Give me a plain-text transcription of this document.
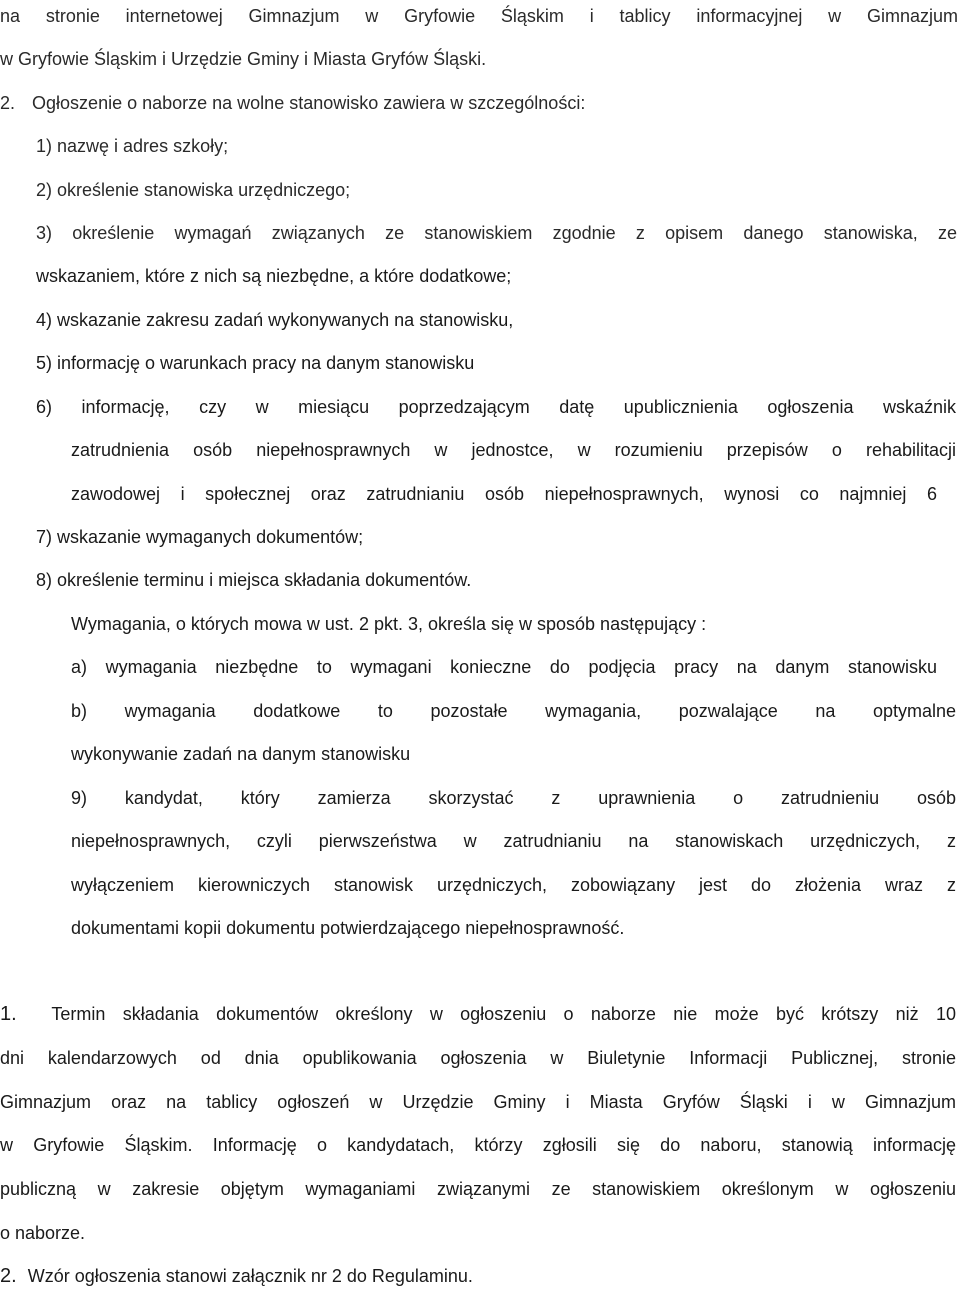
na stronie internetowej Gimnazjum w Gryfowie Śląskim i tablicy informacyjnej w Gimnazjum
w Gryfowie Śląskim i Urzędzie Gminy i Miasta Gryfów Śląski.
2. Ogłoszenie o naborze na wolne stanowisko zawiera w szczególności:
1) nazwę i adres szkoły;
2) określenie stanowiska urzędniczego;
3) określenie wymagań związanych ze stanowiskiem zgodnie z opisem danego stanowiska, ze
wskazaniem, które z nich są niezbędne, a które dodatkowe;
4) wskazanie zakresu zadań wykonywanych na stanowisku,
5) informację o warunkach pracy na danym stanowisku
6) informację, czy w miesiącu poprzedzającym datę upublicznienia ogłoszenia wskaźnik
zatrudnienia osób niepełnosprawnych w jednostce, w rozumieniu przepisów o rehabilitacji
zawodowej i społecznej oraz zatrudnianiu osób niepełnosprawnych, wynosi co najmniej 6
7) wskazanie wymaganych dokumentów;
8) określenie terminu i miejsca składania dokumentów.
Wymagania, o których mowa w ust. 2 pkt. 3, określa się w sposób następujący :
a) wymagania niezbędne to wymagani konieczne do podjęcia pracy na danym stanowisku
b) wymagania dodatkowe to pozostałe wymagania, pozwalające na optymalne
wykonywanie zadań na danym stanowisku
9) kandydat, który zamierza skorzystać z uprawnienia o zatrudnieniu osób
niepełnosprawnych, czyli pierwszeństwa w zatrudnianiu na stanowiskach urzędniczych, z
wyłączeniem kierowniczych stanowisk urzędniczych, zobowiązany jest do złożenia wraz z
dokumentami kopii dokumentu potwierdzającego niepełnosprawność.
1. Termin składania dokumentów określony w ogłoszeniu o naborze nie może być krótszy niż 10
dni kalendarzowych od dnia opublikowania ogłoszenia w Biuletynie Informacji Publicznej, stronie
Gimnazjum oraz na tablicy ogłoszeń w Urzędzie Gminy i Miasta Gryfów Śląski i w Gimnazjum
w Gryfowie Śląskim. Informację o kandydatach, którzy zgłosili się do naboru, stanowią informację
publiczną w zakresie objętym wymaganiami związanymi ze stanowiskiem określonym w ogłoszeniu
o naborze.
2. Wzór ogłoszenia stanowi załącznik nr 2 do Regulaminu.
